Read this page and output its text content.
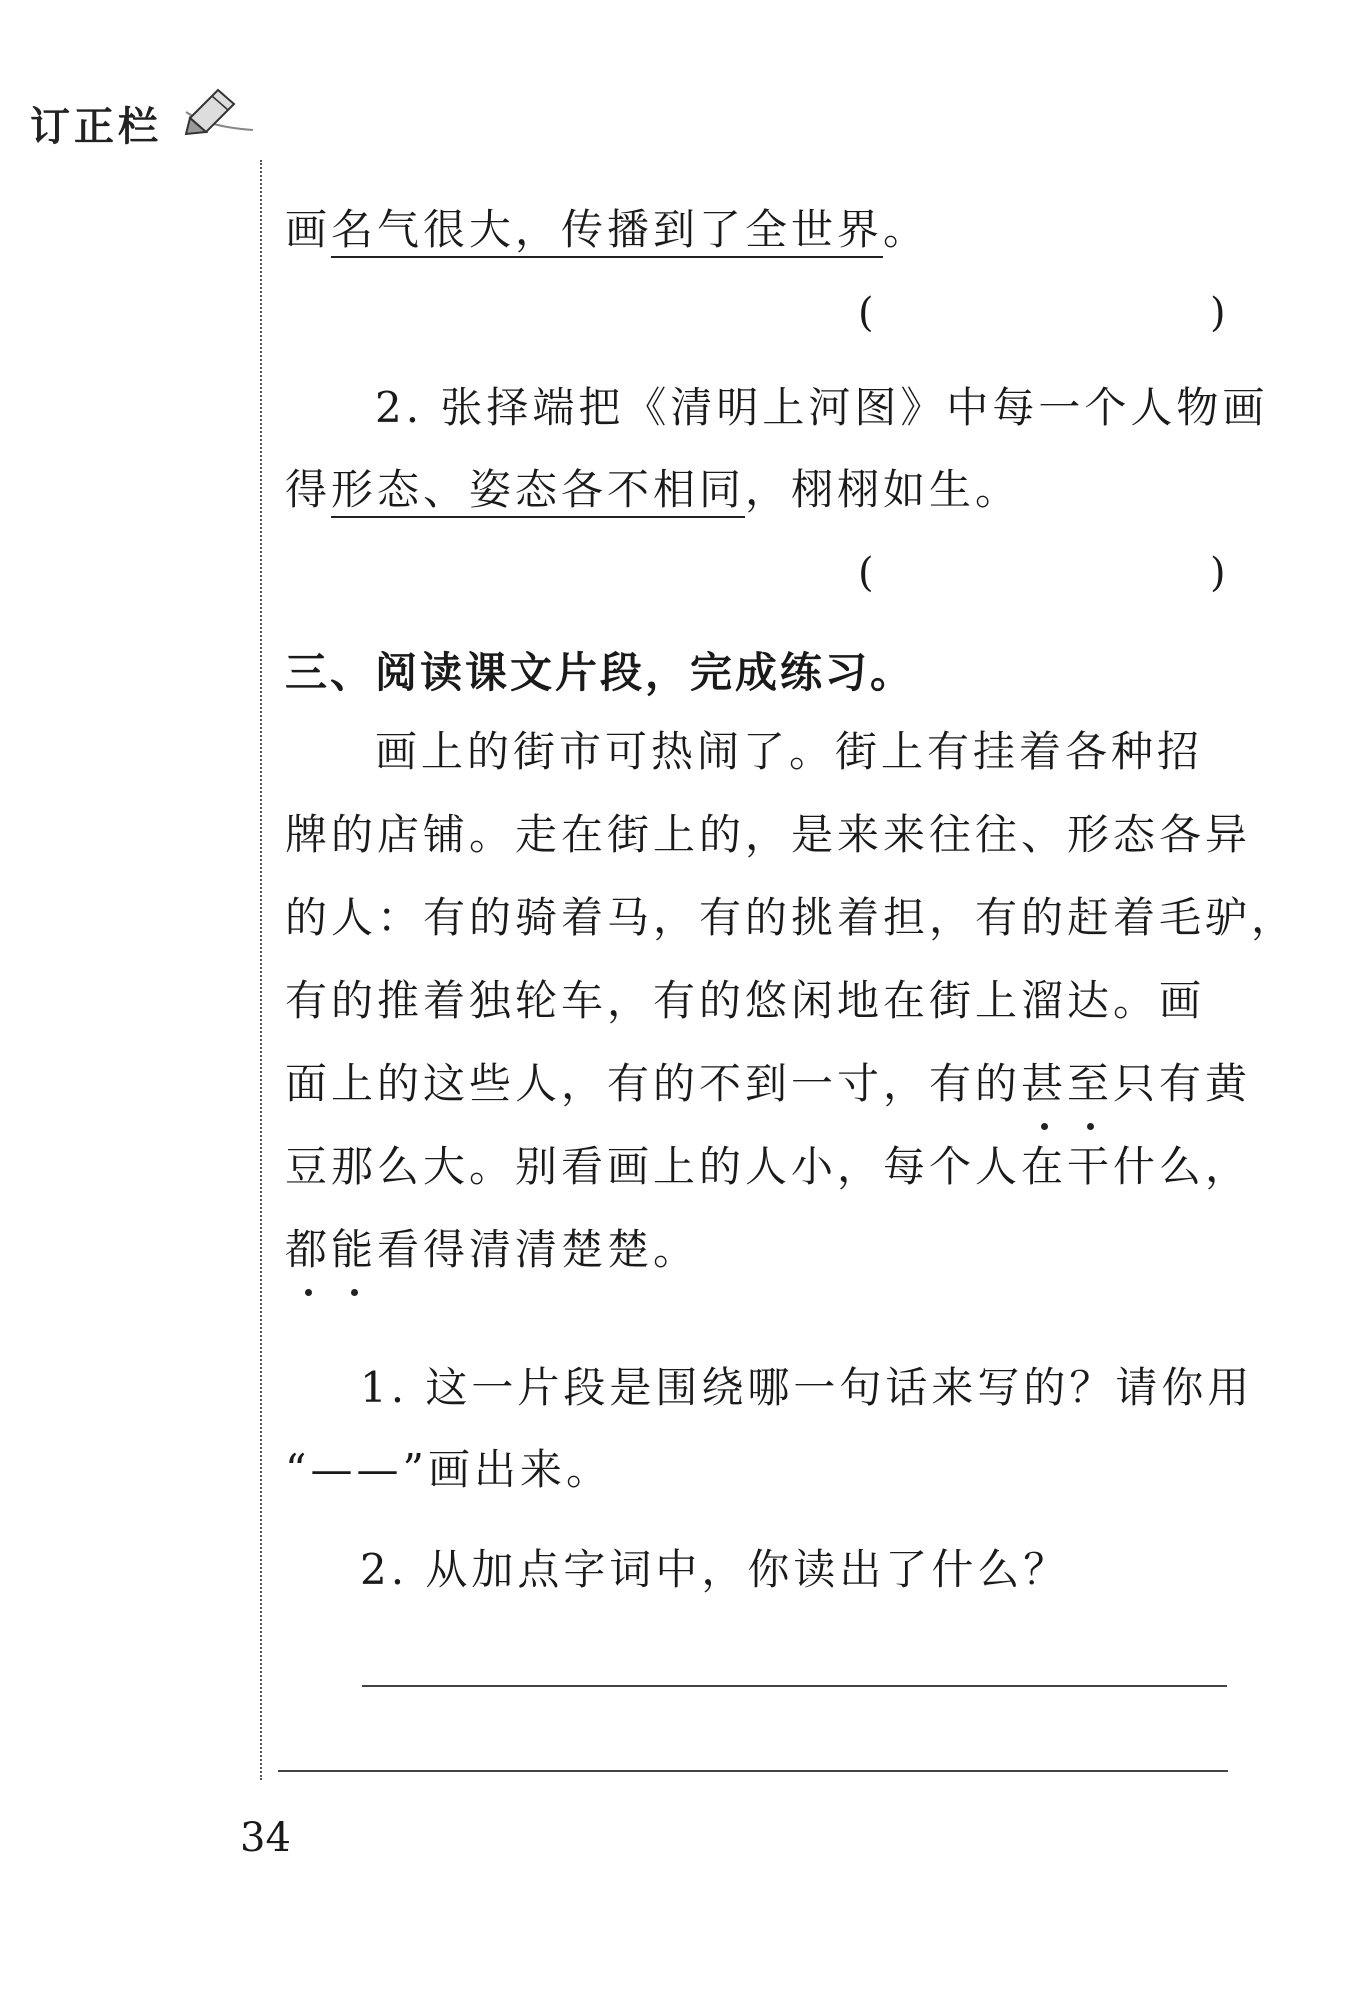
订正栏
画名气很大，传播到了全世界。
(	)
2. 张择端把《清明上河图》中每一个人物画
得形态、姿态各不相同，栩栩如生。
(	)
三、阅读课文片段，完成练习。
画上的街市可热闹了。街上有挂着各种招
牌的店铺。走在街上的，是来来往往、形态各异
的人：有的骑着马，有的挑着担，有的赶着毛驴，
有的推着独轮车，有的悠闲地在街上溜达。画
面上的这些人，有的不到一寸，有的甚至只有黄
豆那么大。别看画上的人小，每个人在干什么，
都能看得清清楚楚。
1. 这一片段是围绕哪一句话来写的？请你用
“——”画出来。
2. 从加点字词中，你读出了什么？
34
